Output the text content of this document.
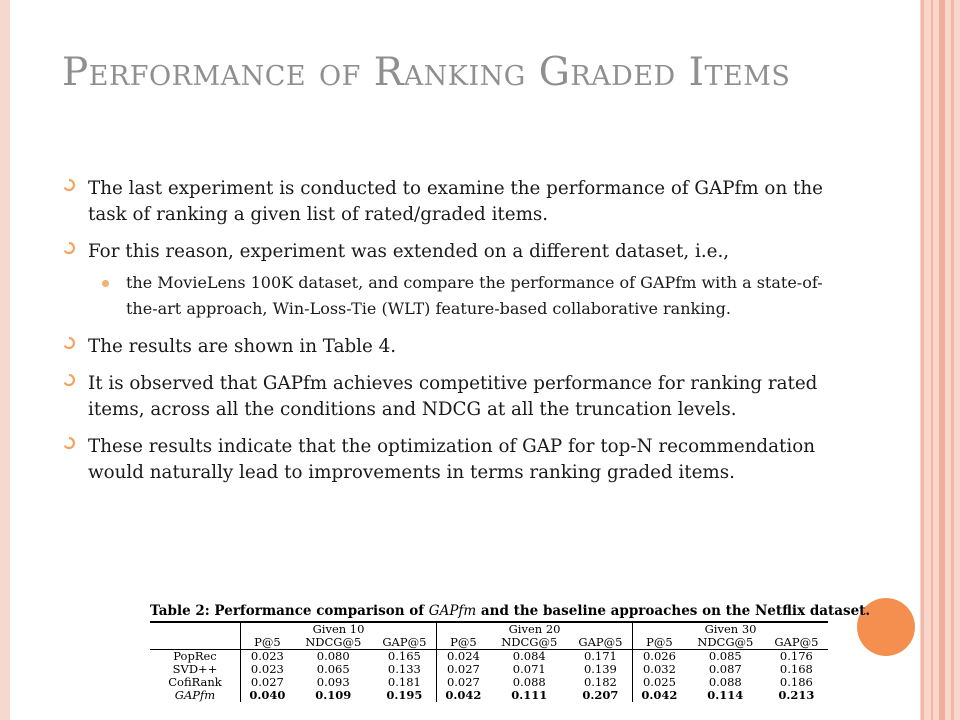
Performance of Ranking Graded Items
The last experiment is conducted to examine the performance of GAPfm on the task of ranking a given list of rated/graded items.
For this reason, experiment was extended on a different dataset, i.e.,
the MovieLens 100K dataset, and compare the performance of GAPfm with a state-of-the-art approach, Win-Loss-Tie (WLT) feature-based collaborative ranking.
The results are shown in Table 4.
It is observed that GAPfm achieves competitive performance for ranking rated items, across all the conditions and NDCG at all the truncation levels.
These results indicate that the optimization of GAP for top-N recommendation would naturally lead to improvements in terms ranking graded items.
Table 2: Performance comparison of GAPfm and the baseline approaches on the Netflix dataset.
	Given 10			Given 20			Given 30		
	P@5	NDCG@5	GAP@5	P@5	NDCG@5	GAP@5	P@5	NDCG@5	GAP@5
PopRec	0.023	0.080	0.165	0.024	0.084	0.171	0.026	0.085	0.176
SVD++	0.023	0.065	0.133	0.027	0.071	0.139	0.032	0.087	0.168
CofiRank	0.027	0.093	0.181	0.027	0.088	0.182	0.025	0.088	0.186
GAPfm	0.040	0.109	0.195	0.042	0.111	0.207	0.042	0.114	0.213
